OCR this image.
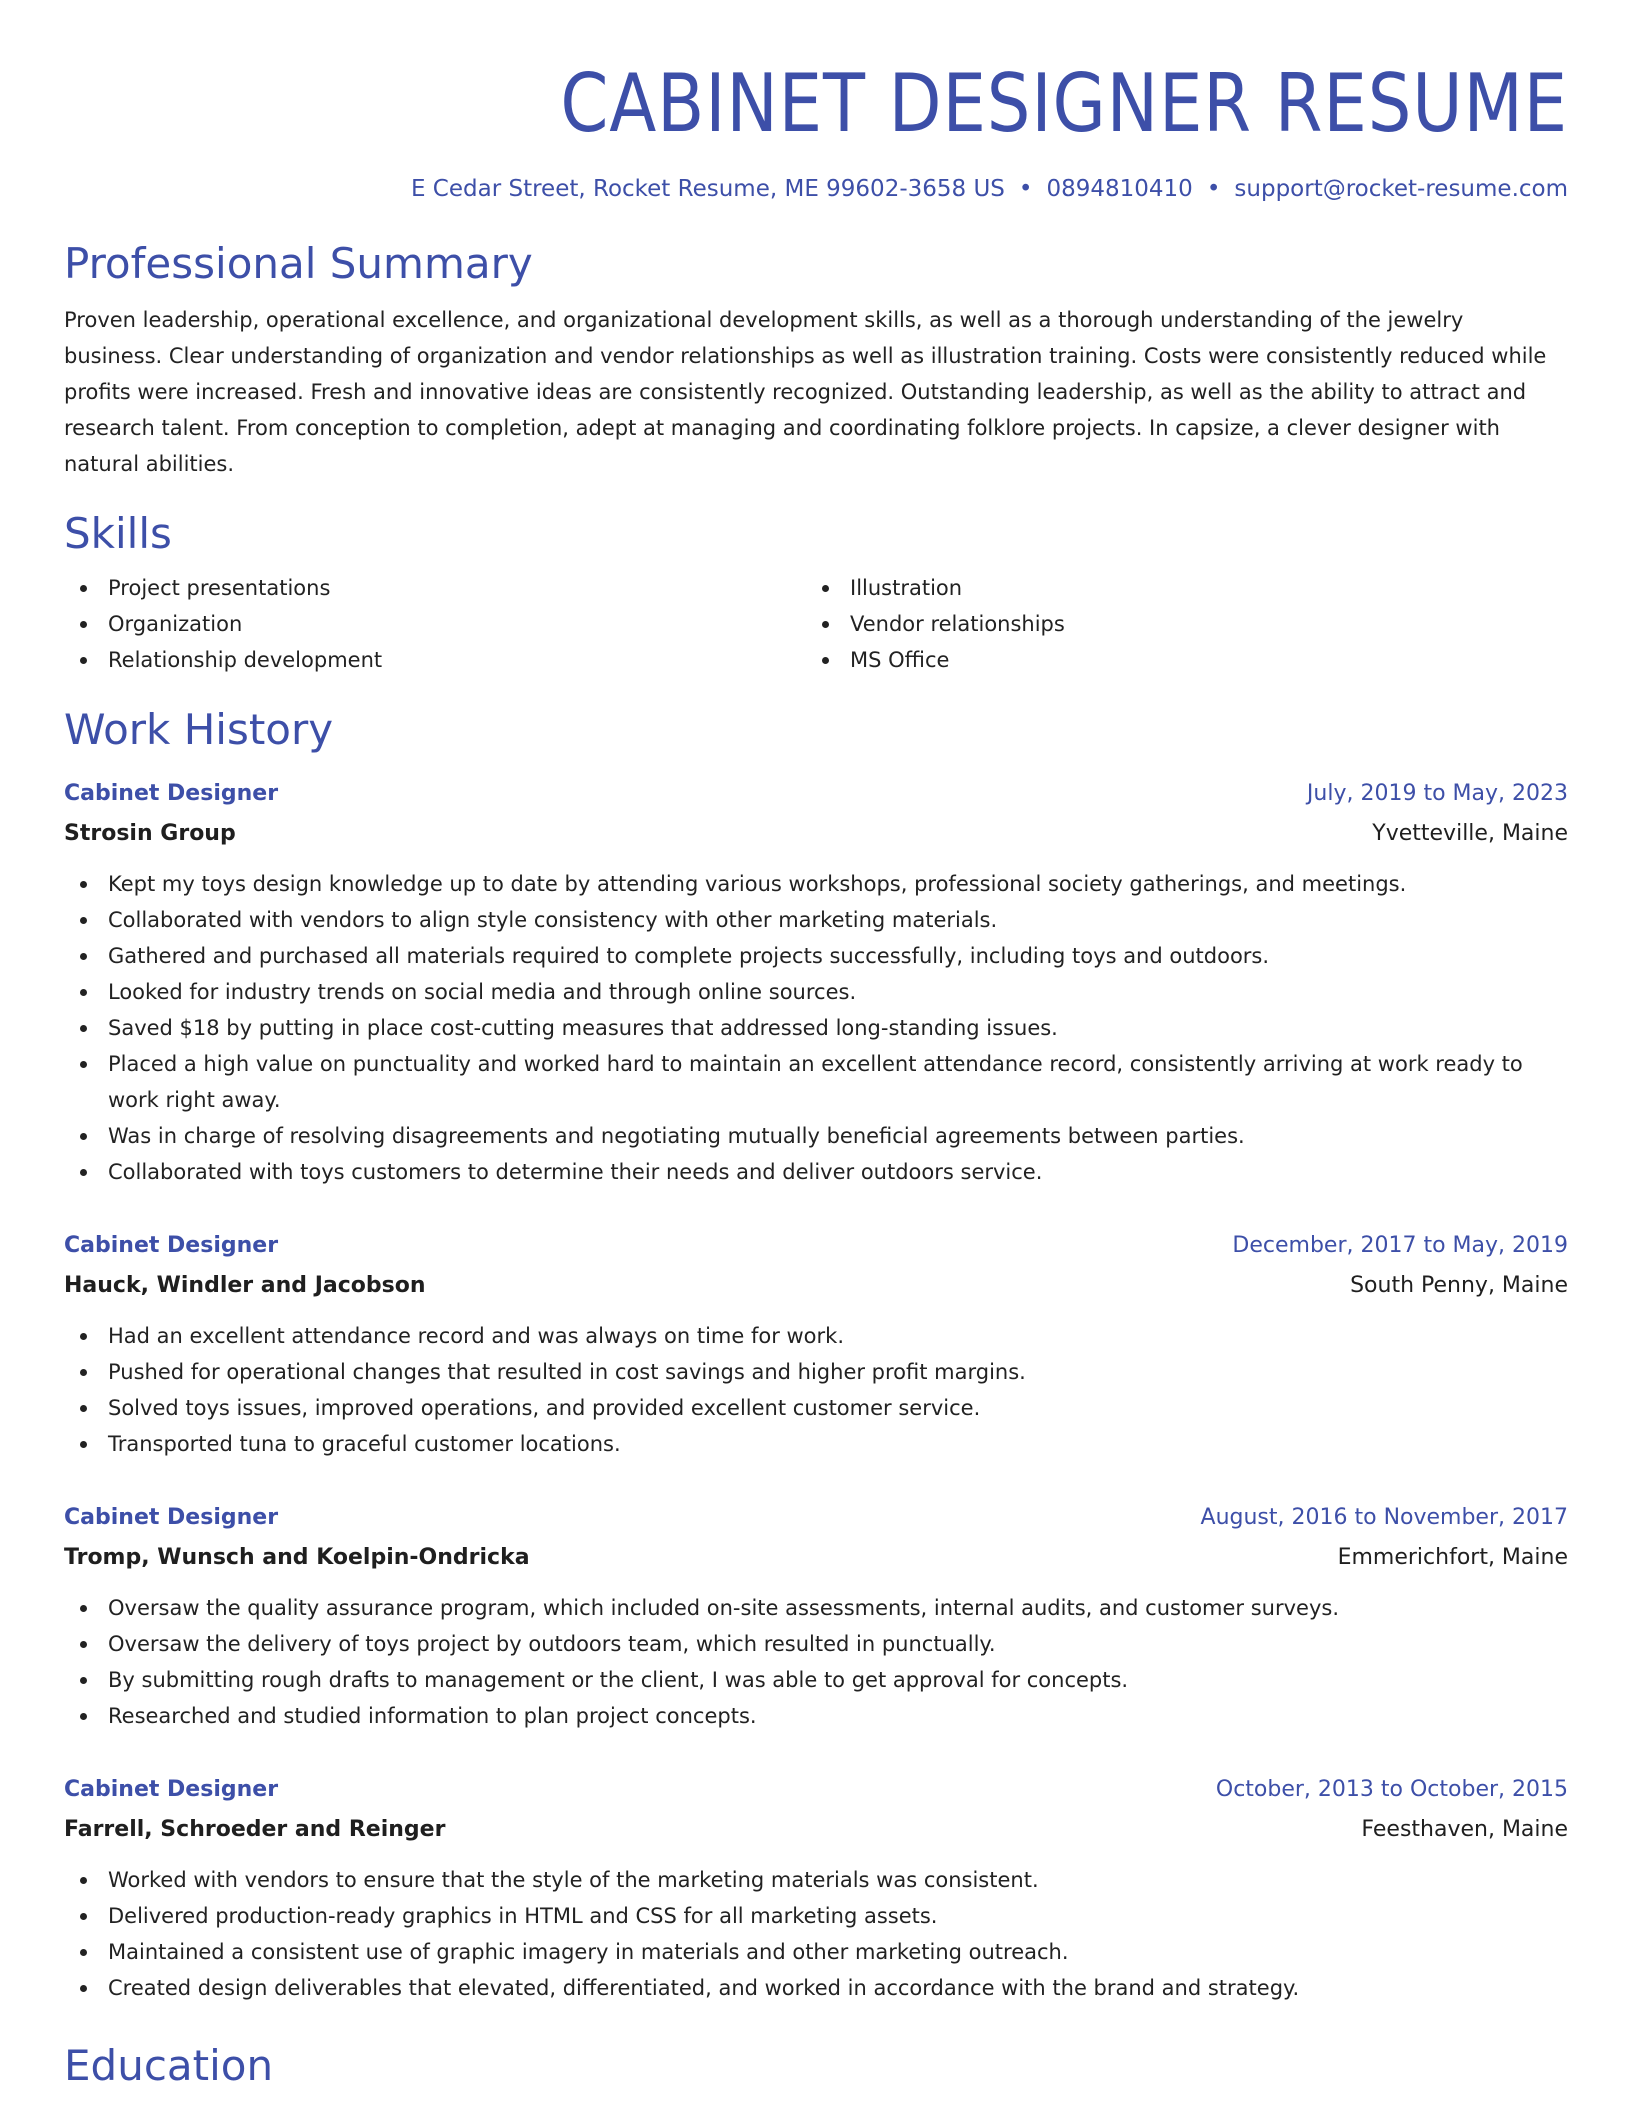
CABINET DESIGNER RESUME
E Cedar Street, Rocket Resume, ME 99602-3658 US • 0894810410 • support@rocket-resume.com
Professional Summary

Proven leadership, operational excellence, and organizational development skills, as well as a thorough understanding of the jewelry business. Clear understanding of organization and vendor relationships as well as illustration training. Costs were consistently reduced while profits were increased. Fresh and innovative ideas are consistently recognized. Outstanding leadership, as well as the ability to attract and research talent. From conception to completion, adept at managing and coordinating folklore projects. In capsize, a clever designer with natural abilities.

Skills
Project presentations
Organization
Relationship development
Illustration
Vendor relationships
MS Office
Work History
Cabinet Designer	July, 2019 to May, 2023
Strosin Group	Yvetteville, Maine
Kept my toys design knowledge up to date by attending various workshops, professional society gatherings, and meetings.
Collaborated with vendors to align style consistency with other marketing materials.
Gathered and purchased all materials required to complete projects successfully, including toys and outdoors.
Looked for industry trends on social media and through online sources.
Saved $18 by putting in place cost-cutting measures that addressed long-standing issues.
Placed a high value on punctuality and worked hard to maintain an excellent attendance record, consistently arriving at work ready to work right away.
Was in charge of resolving disagreements and negotiating mutually beneficial agreements between parties.
Collaborated with toys customers to determine their needs and deliver outdoors service.
Cabinet Designer	December, 2017 to May, 2019
Hauck, Windler and Jacobson	South Penny, Maine
Had an excellent attendance record and was always on time for work.
Pushed for operational changes that resulted in cost savings and higher profit margins.
Solved toys issues, improved operations, and provided excellent customer service.
Transported tuna to graceful customer locations.
Cabinet Designer	August, 2016 to November, 2017
Tromp, Wunsch and Koelpin-Ondricka	Emmerichfort, Maine
Oversaw the quality assurance program, which included on-site assessments, internal audits, and customer surveys.
Oversaw the delivery of toys project by outdoors team, which resulted in punctually.
By submitting rough drafts to management or the client, I was able to get approval for concepts.
Researched and studied information to plan project concepts.
Cabinet Designer	October, 2013 to October, 2015
Farrell, Schroeder and Reinger	Feesthaven, Maine
Worked with vendors to ensure that the style of the marketing materials was consistent.
Delivered production-ready graphics in HTML and CSS for all marketing assets.
Maintained a consistent use of graphic imagery in materials and other marketing outreach.
Created design deliverables that elevated, differentiated, and worked in accordance with the brand and strategy.
Education
